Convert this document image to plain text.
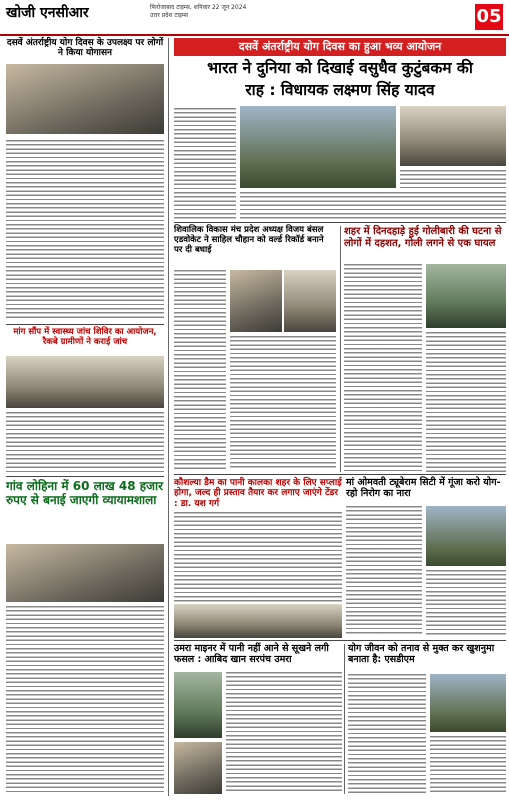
खोजी एनसीआर	फिरोजाबाद टाइम्स, शनिवार 22 जून 2024
उत्तर प्रदेश टाइम्स	05
दसवें अंतर्राष्ट्रीय योग दिवस के उपलक्ष्य पर लोगों ने किया योगासन
मांग सौंप में स्वास्थ्य जांच शिविर का आयोजन, रैकबे ग्रामीणों ने कराई जांच
गांव लोहिना में 60 लाख 48 हजार रुपए से बनाई जाएगी व्यायामशाला
दसवें अंतर्राष्ट्रीय योग दिवस का हुआ भव्य आयोजन
भारत ने दुनिया को दिखाई वसुधैव कुटुंबकम की
राह : विधायक लक्ष्मण सिंह यादव
शिवालिक विकास मंच प्रदेश अध्यक्ष विजय बंसल एडवोकेट ने साहिल चौहान को वर्ल्ड रिकॉर्ड बनाने पर दी बधाई
शहर में दिनदहाड़े हुई गोलीबारी की घटना से लोगों में दहशत, गोली लगने से एक घायल
कौशल्या डैम का पानी कालका शहर के लिए सप्लाई होगा, जल्द ही प्रस्ताव तैयार कर लगाए जाएंगे टेंडर : डा. यश गर्ग
मां ओमवती ट्यूबेराम सिटी में गूंजा करो योग-रहो निरोग का नारा
उमरा माइनर में पानी नहीं आने से सूखने लगी फसल : आबिद खान सरपंच उमरा
योग जीवन को तनाव से मुक्त कर खुशनुमा बनाता है: एसडीएम
